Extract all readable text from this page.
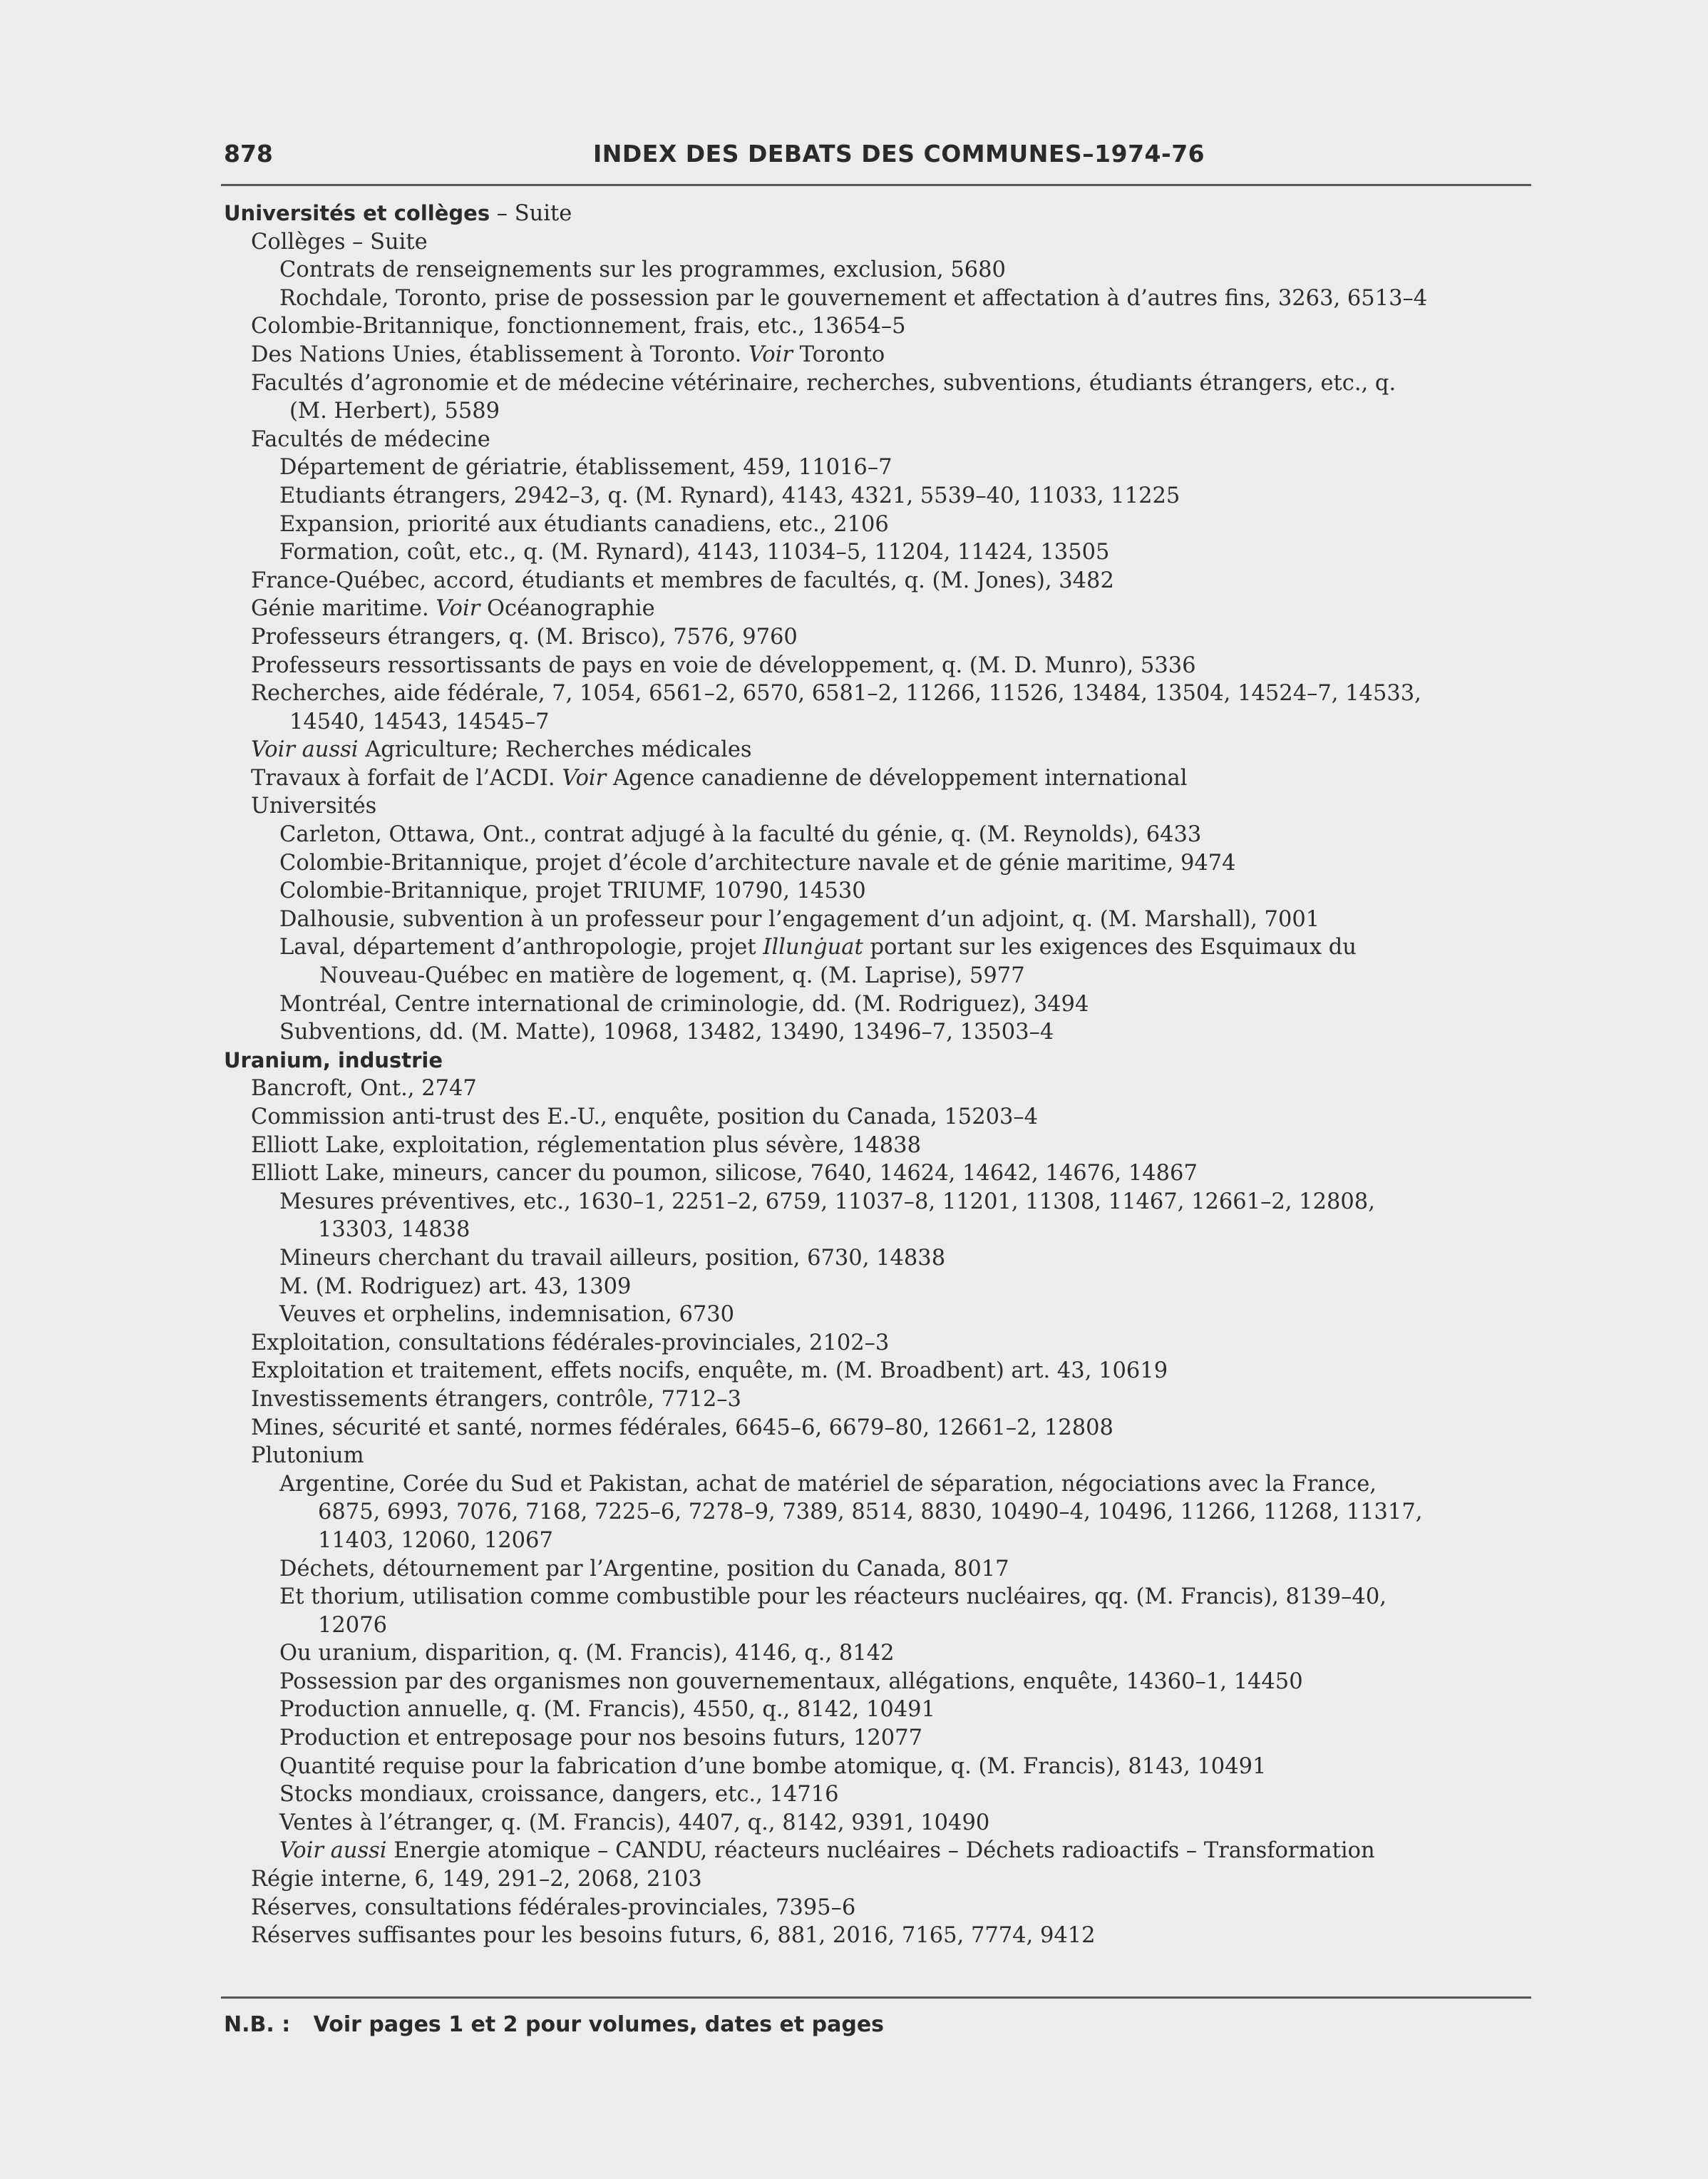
878	INDEX DES DEBATS DES COMMUNES–1974-76
Universités et collèges – Suite
Collèges – Suite
Contrats de renseignements sur les programmes, exclusion, 5680
Rochdale, Toronto, prise de possession par le gouvernement et affectation à d’autres fins, 3263, 6513–4
Colombie-Britannique, fonctionnement, frais, etc., 13654–5
Des Nations Unies, établissement à Toronto. Voir Toronto
Facultés d’agronomie et de médecine vétérinaire, recherches, subventions, étudiants étrangers, etc., q.
(M. Herbert), 5589
Facultés de médecine
Département de gériatrie, établissement, 459, 11016–7
Etudiants étrangers, 2942–3, q. (M. Rynard), 4143, 4321, 5539–40, 11033, 11225
Expansion, priorité aux étudiants canadiens, etc., 2106
Formation, coût, etc., q. (M. Rynard), 4143, 11034–5, 11204, 11424, 13505
France-Québec, accord, étudiants et membres de facultés, q. (M. Jones), 3482
Génie maritime. Voir Océanographie
Professeurs étrangers, q. (M. Brisco), 7576, 9760
Professeurs ressortissants de pays en voie de développement, q. (M. D. Munro), 5336
Recherches, aide fédérale, 7, 1054, 6561–2, 6570, 6581–2, 11266, 11526, 13484, 13504, 14524–7, 14533,
14540, 14543, 14545–7
Voir aussi Agriculture; Recherches médicales
Travaux à forfait de l’ACDI. Voir Agence canadienne de développement international
Universités
Carleton, Ottawa, Ont., contrat adjugé à la faculté du génie, q. (M. Reynolds), 6433
Colombie-Britannique, projet d’école d’architecture navale et de génie maritime, 9474
Colombie-Britannique, projet TRIUMF, 10790, 14530
Dalhousie, subvention à un professeur pour l’engagement d’un adjoint, q. (M. Marshall), 7001
Laval, département d’anthropologie, projet Illunġuat portant sur les exigences des Esquimaux du
Nouveau-Québec en matière de logement, q. (M. Laprise), 5977
Montréal, Centre international de criminologie, dd. (M. Rodriguez), 3494
Subventions, dd. (M. Matte), 10968, 13482, 13490, 13496–7, 13503–4
Uranium, industrie
Bancroft, Ont., 2747
Commission anti-trust des E.-U., enquête, position du Canada, 15203–4
Elliott Lake, exploitation, réglementation plus sévère, 14838
Elliott Lake, mineurs, cancer du poumon, silicose, 7640, 14624, 14642, 14676, 14867
Mesures préventives, etc., 1630–1, 2251–2, 6759, 11037–8, 11201, 11308, 11467, 12661–2, 12808,
13303, 14838
Mineurs cherchant du travail ailleurs, position, 6730, 14838
M. (M. Rodriguez) art. 43, 1309
Veuves et orphelins, indemnisation, 6730
Exploitation, consultations fédérales-provinciales, 2102–3
Exploitation et traitement, effets nocifs, enquête, m. (M. Broadbent) art. 43, 10619
Investissements étrangers, contrôle, 7712–3
Mines, sécurité et santé, normes fédérales, 6645–6, 6679–80, 12661–2, 12808
Plutonium
Argentine, Corée du Sud et Pakistan, achat de matériel de séparation, négociations avec la France,
6875, 6993, 7076, 7168, 7225–6, 7278–9, 7389, 8514, 8830, 10490–4, 10496, 11266, 11268, 11317,
11403, 12060, 12067
Déchets, détournement par l’Argentine, position du Canada, 8017
Et thorium, utilisation comme combustible pour les réacteurs nucléaires, qq. (M. Francis), 8139–40,
12076
Ou uranium, disparition, q. (M. Francis), 4146, q., 8142
Possession par des organismes non gouvernementaux, allégations, enquête, 14360–1, 14450
Production annuelle, q. (M. Francis), 4550, q., 8142, 10491
Production et entreposage pour nos besoins futurs, 12077
Quantité requise pour la fabrication d’une bombe atomique, q. (M. Francis), 8143, 10491
Stocks mondiaux, croissance, dangers, etc., 14716
Ventes à l’étranger, q. (M. Francis), 4407, q., 8142, 9391, 10490
Voir aussi Energie atomique – CANDU, réacteurs nucléaires – Déchets radioactifs – Transformation
Régie interne, 6, 149, 291–2, 2068, 2103
Réserves, consultations fédérales-provinciales, 7395–6
Réserves suffisantes pour les besoins futurs, 6, 881, 2016, 7165, 7774, 9412
N.B. : Voir pages 1 et 2 pour volumes, dates et pages
